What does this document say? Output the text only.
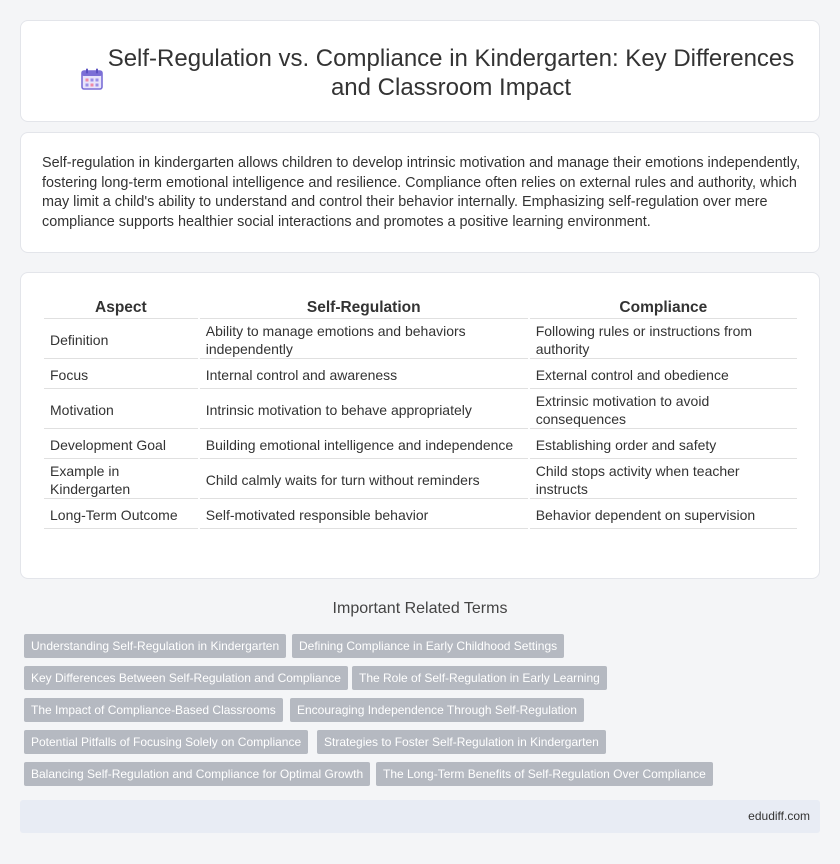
Self-Regulation vs. Compliance in Kindergarten: Key Differences and Classroom Impact

Self-regulation in kindergarten allows children to develop intrinsic motivation and manage their emotions independently, fostering long-term emotional intelligence and resilience. Compliance often relies on external rules and authority, which may limit a child's ability to understand and control their behavior internally. Emphasizing self-regulation over mere compliance supports healthier social interactions and promotes a positive learning environment.

Aspect	Self-Regulation	Compliance
Definition	Ability to manage emotions and behaviors independently	Following rules or instructions from authority
Focus	Internal control and awareness	External control and obedience
Motivation	Intrinsic motivation to behave appropriately	Extrinsic motivation to avoid consequences
Development Goal	Building emotional intelligence and independence	Establishing order and safety
Example in Kindergarten	Child calmly waits for turn without reminders	Child stops activity when teacher instructs
Long-Term Outcome	Self-motivated responsible behavior	Behavior dependent on supervision
Important Related Terms
Understanding Self-Regulation in Kindergarten	Defining Compliance in Early Childhood Settings
Key Differences Between Self-Regulation and Compliance	The Role of Self-Regulation in Early Learning
The Impact of Compliance-Based Classrooms	Encouraging Independence Through Self-Regulation
Potential Pitfalls of Focusing Solely on Compliance	Strategies to Foster Self-Regulation in Kindergarten
Balancing Self-Regulation and Compliance for Optimal Growth	The Long-Term Benefits of Self-Regulation Over Compliance
edudiff.com
